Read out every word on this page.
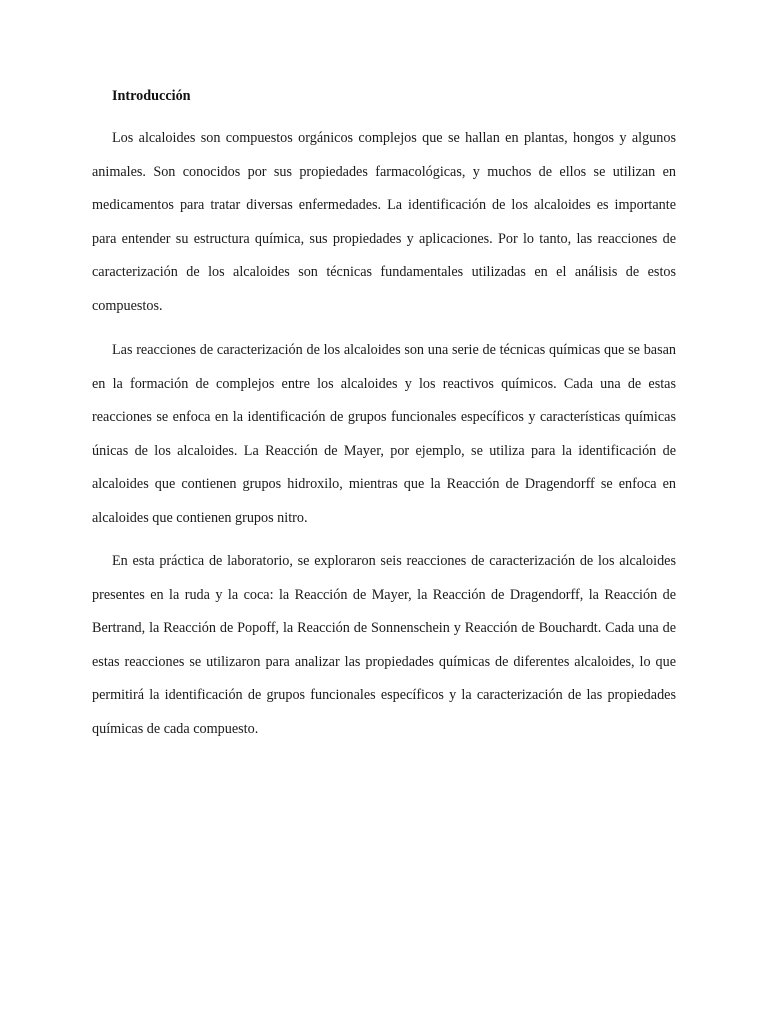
Introducción

Los alcaloides son compuestos orgánicos complejos que se hallan en plantas, hongos y algunos animales. Son conocidos por sus propiedades farmacológicas, y muchos de ellos se utilizan en medicamentos para tratar diversas enfermedades. La identificación de los alcaloides es importante para entender su estructura química, sus propiedades y aplicaciones. Por lo tanto, las reacciones de caracterización de los alcaloides son técnicas fundamentales utilizadas en el análisis de estos compuestos.

Las reacciones de caracterización de los alcaloides son una serie de técnicas químicas que se basan en la formación de complejos entre los alcaloides y los reactivos químicos. Cada una de estas reacciones se enfoca en la identificación de grupos funcionales específicos y características químicas únicas de los alcaloides. La Reacción de Mayer, por ejemplo, se utiliza para la identificación de alcaloides que contienen grupos hidroxilo, mientras que la Reacción de Dragendorff se enfoca en alcaloides que contienen grupos nitro.

En esta práctica de laboratorio, se exploraron seis reacciones de caracterización de los alcaloides presentes en la ruda y la coca: la Reacción de Mayer, la Reacción de Dragendorff, la Reacción de Bertrand, la Reacción de Popoff, la Reacción de Sonnenschein y Reacción de Bouchardt. Cada una de estas reacciones se utilizaron para analizar las propiedades químicas de diferentes alcaloides, lo que permitirá la identificación de grupos funcionales específicos y la caracterización de las propiedades químicas de cada compuesto.
